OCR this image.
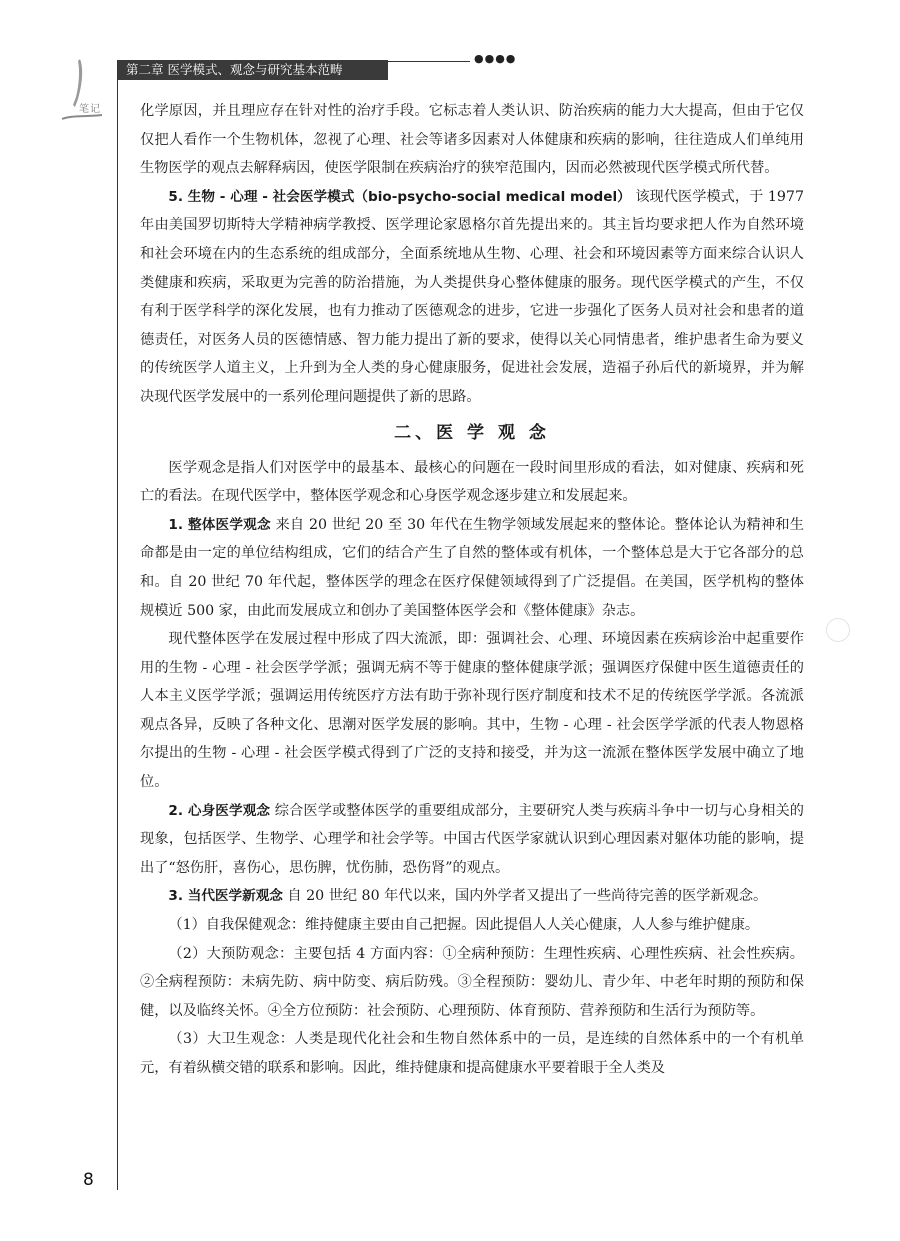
笔记
第二章 医学模式、观念与研究基本范畴
●●●●

化学原因，并且理应存在针对性的治疗手段。它标志着人类认识、防治疾病的能力大大提高，但由于它仅仅把人看作一个生物机体，忽视了心理、社会等诸多因素对人体健康和疾病的影响，往往造成人们单纯用生物医学的观点去解释病因，使医学限制在疾病治疗的狭窄范围内，因而必然被现代医学模式所代替。

5. 生物 - 心理 - 社会医学模式（bio-psycho-social medical model） 该现代医学模式，于 1977 年由美国罗切斯特大学精神病学教授、医学理论家恩格尔首先提出来的。其主旨均要求把人作为自然环境和社会环境在内的生态系统的组成部分，全面系统地从生物、心理、社会和环境因素等方面来综合认识人类健康和疾病，采取更为完善的防治措施，为人类提供身心整体健康的服务。现代医学模式的产生，不仅有利于医学科学的深化发展，也有力推动了医德观念的进步，它进一步强化了医务人员对社会和患者的道德责任，对医务人员的医德情感、智力能力提出了新的要求，使得以关心同情患者，维护患者生命为要义的传统医学人道主义，上升到为全人类的身心健康服务，促进社会发展，造福子孙后代的新境界，并为解决现代医学发展中的一系列伦理问题提供了新的思路。

二、医 学 观 念

医学观念是指人们对医学中的最基本、最核心的问题在一段时间里形成的看法，如对健康、疾病和死亡的看法。在现代医学中，整体医学观念和心身医学观念逐步建立和发展起来。

1. 整体医学观念 来自 20 世纪 20 至 30 年代在生物学领域发展起来的整体论。整体论认为精神和生命都是由一定的单位结构组成，它们的结合产生了自然的整体或有机体，一个整体总是大于它各部分的总和。自 20 世纪 70 年代起，整体医学的理念在医疗保健领域得到了广泛提倡。在美国，医学机构的整体规模近 500 家，由此而发展成立和创办了美国整体医学会和《整体健康》杂志。

现代整体医学在发展过程中形成了四大流派，即：强调社会、心理、环境因素在疾病诊治中起重要作用的生物 - 心理 - 社会医学学派；强调无病不等于健康的整体健康学派；强调医疗保健中医生道德责任的人本主义医学学派；强调运用传统医疗方法有助于弥补现行医疗制度和技术不足的传统医学学派。各流派观点各异，反映了各种文化、思潮对医学发展的影响。其中，生物 - 心理 - 社会医学学派的代表人物恩格尔提出的生物 - 心理 - 社会医学模式得到了广泛的支持和接受，并为这一流派在整体医学发展中确立了地位。

2. 心身医学观念 综合医学或整体医学的重要组成部分，主要研究人类与疾病斗争中一切与心身相关的现象，包括医学、生物学、心理学和社会学等。中国古代医学家就认识到心理因素对躯体功能的影响，提出了“怒伤肝，喜伤心，思伤脾，忧伤肺，恐伤肾”的观点。

3. 当代医学新观念 自 20 世纪 80 年代以来，国内外学者又提出了一些尚待完善的医学新观念。

（1）自我保健观念：维持健康主要由自己把握。因此提倡人人关心健康，人人参与维护健康。

（2）大预防观念：主要包括 4 方面内容：①全病种预防：生理性疾病、心理性疾病、社会性疾病。②全病程预防：未病先防、病中防变、病后防残。③全程预防：婴幼儿、青少年、中老年时期的预防和保健，以及临终关怀。④全方位预防：社会预防、心理预防、体育预防、营养预防和生活行为预防等。

（3）大卫生观念：人类是现代化社会和生物自然体系中的一员，是连续的自然体系中的一个有机单元，有着纵横交错的联系和影响。因此，维持健康和提高健康水平要着眼于全人类及

8
